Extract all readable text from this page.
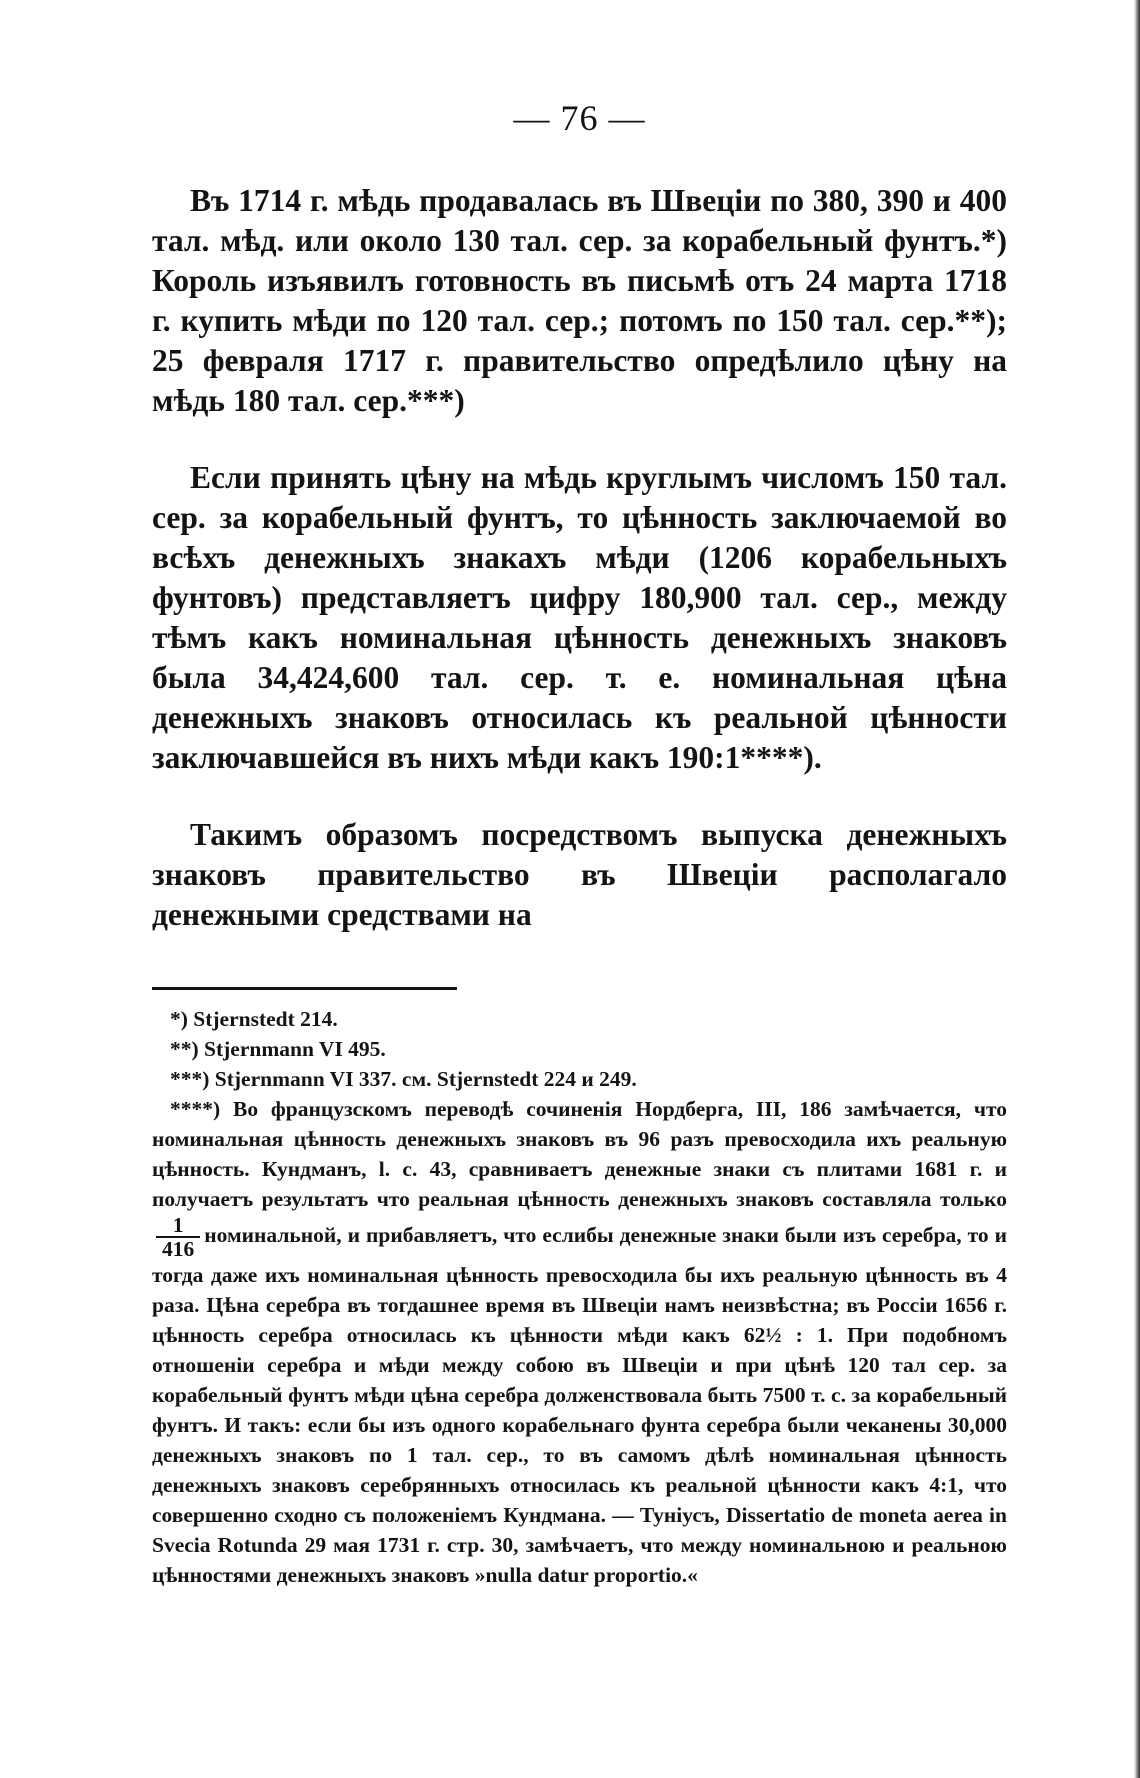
— 76 —

Въ 1714 г. мѣдь продавалась въ Швеціи по 380, 390 и 400 тал. мѣд. или около 130 тал. сер. за корабельный фунтъ.*) Король изъявилъ готовность въ письмѣ отъ 24 марта 1718 г. купить мѣди по 120 тал. сер.; потомъ по 150 тал. сер.**); 25 февраля 1717 г. правительство опредѣлило цѣну на мѣдь 180 тал. сер.***)

Если принять цѣну на мѣдь круглымъ числомъ 150 тал. сер. за корабельный фунтъ, то цѣнность заключаемой во всѣхъ денежныхъ знакахъ мѣди (1206 корабельныхъ фунтовъ) представляетъ цифру 180,900 тал. сер., между тѣмъ какъ номинальная цѣнность денежныхъ знаковъ была 34,424,600 тал. сер. т. е. номинальная цѣна денежныхъ знаковъ относилась къ реальной цѣнности заключавшейся въ нихъ мѣди какъ 190:1****).

Такимъ образомъ посредствомъ выпуска денежныхъ знаковъ правительство въ Швеціи располагало денежными средствами на

*) Stjernstedt 214.

**) Stjernmann VI 495.

***) Stjernmann VI 337. см. Stjernstedt 224 и 249.

****) Во французскомъ переводѣ сочиненія Нордберга, III, 186 замѣчается, что номинальная цѣнность денежныхъ знаковъ въ 96 разъ превосходила ихъ реальную цѣнность. Кундманъ, l. c. 43, сравниваетъ денежные знаки съ плитами 1681 г. и получаетъ результатъ что реальная цѣнность денежныхъ знаковъ составляла только
$\frac{1}{416}$ номинальной, и прибавляетъ, что еслибы денежные знаки были изъ серебра, то и тогда даже ихъ номинальная цѣнность превосходила бы ихъ реальную цѣнность въ 4 раза. Цѣна серебра въ тогдашнее время въ Швеціи намъ неизвѣстна; въ Россіи 1656 г. цѣнность серебра относилась къ цѣнности мѣди какъ 62½ : 1. При подобномъ отношеніи серебра и мѣди между собою въ Швеціи и при цѣнѣ 120 тал сер. за корабельный фунтъ мѣди цѣна серебра долженствовала быть 7500 т. с. за корабельный фунтъ. И такъ: если бы изъ одного корабельнаго фунта серебра были чеканены 30,000 денежныхъ знаковъ по 1 тал. сер., то въ самомъ дѣлѣ номинальная цѣнность денежныхъ знаковъ серебрянныхъ относилась къ реальной цѣнности какъ 4:1, что совершенно сходно съ положеніемъ Кундмана. — Туніусъ, Dissertatio de moneta aerea in Svecia Rotunda 29 мая 1731 г. стр. 30, замѣчаетъ, что между номинальною и реальною цѣнностями денежныхъ знаковъ »nulla datur proportio.«
